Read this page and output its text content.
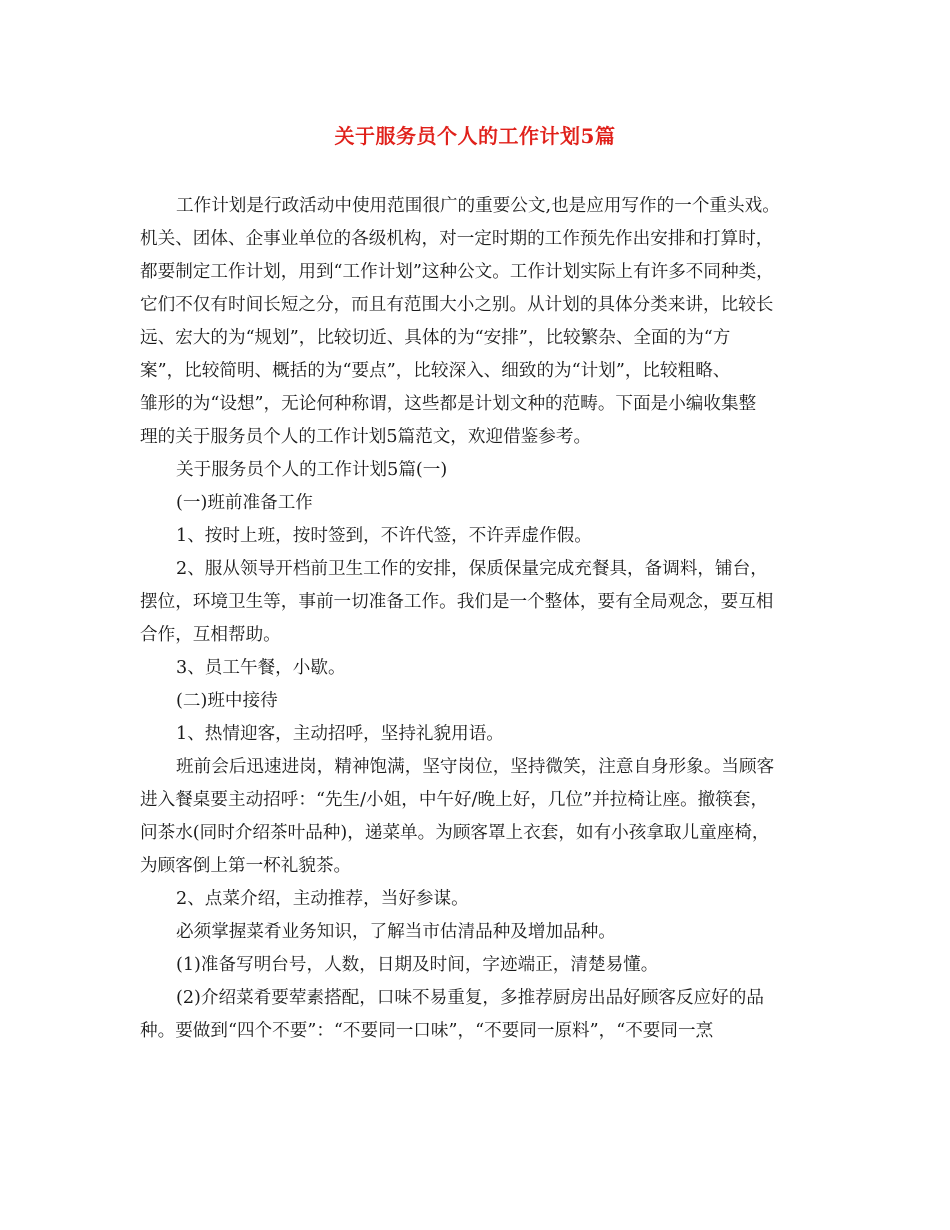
关于服务员个人的工作计划5篇

工作计划是行政活动中使用范围很广的重要公文,也是应用写作的一个重头戏。

机关、团体、企事业单位的各级机构，对一定时期的工作预先作出安排和打算时，

都要制定工作计划，用到“工作计划”这种公文。工作计划实际上有许多不同种类，

它们不仅有时间长短之分，而且有范围大小之别。从计划的具体分类来讲，比较长

远、宏大的为“规划”，比较切近、具体的为“安排”，比较繁杂、全面的为“方

案”，比较简明、概括的为“要点”，比较深入、细致的为“计划”，比较粗略、

雏形的为“设想”，无论何种称谓，这些都是计划文种的范畴。下面是小编收集整

理的关于服务员个人的工作计划5篇范文，欢迎借鉴参考。

关于服务员个人的工作计划5篇(一)

(一)班前准备工作

1、按时上班，按时签到，不许代签，不许弄虚作假。

2、服从领导开档前卫生工作的安排，保质保量完成充餐具，备调料，铺台，

摆位，环境卫生等，事前一切准备工作。我们是一个整体，要有全局观念，要互相

合作，互相帮助。

3、员工午餐，小歇。

(二)班中接待

1、热情迎客，主动招呼，坚持礼貌用语。

班前会后迅速进岗，精神饱满，坚守岗位，坚持微笑，注意自身形象。当顾客

进入餐桌要主动招呼：“先生/小姐，中午好/晚上好，几位”并拉椅让座。撤筷套，

问茶水(同时介绍茶叶品种)，递菜单。为顾客罩上衣套，如有小孩拿取儿童座椅，

为顾客倒上第一杯礼貌茶。

2、点菜介绍，主动推荐，当好参谋。

必须掌握菜肴业务知识，了解当市估清品种及增加品种。

(1)准备写明台号，人数，日期及时间，字迹端正，清楚易懂。

(2)介绍菜肴要荤素搭配，口味不易重复，多推荐厨房出品好顾客反应好的品

种。要做到“四个不要”：“不要同一口味”，“不要同一原料”，“不要同一烹
